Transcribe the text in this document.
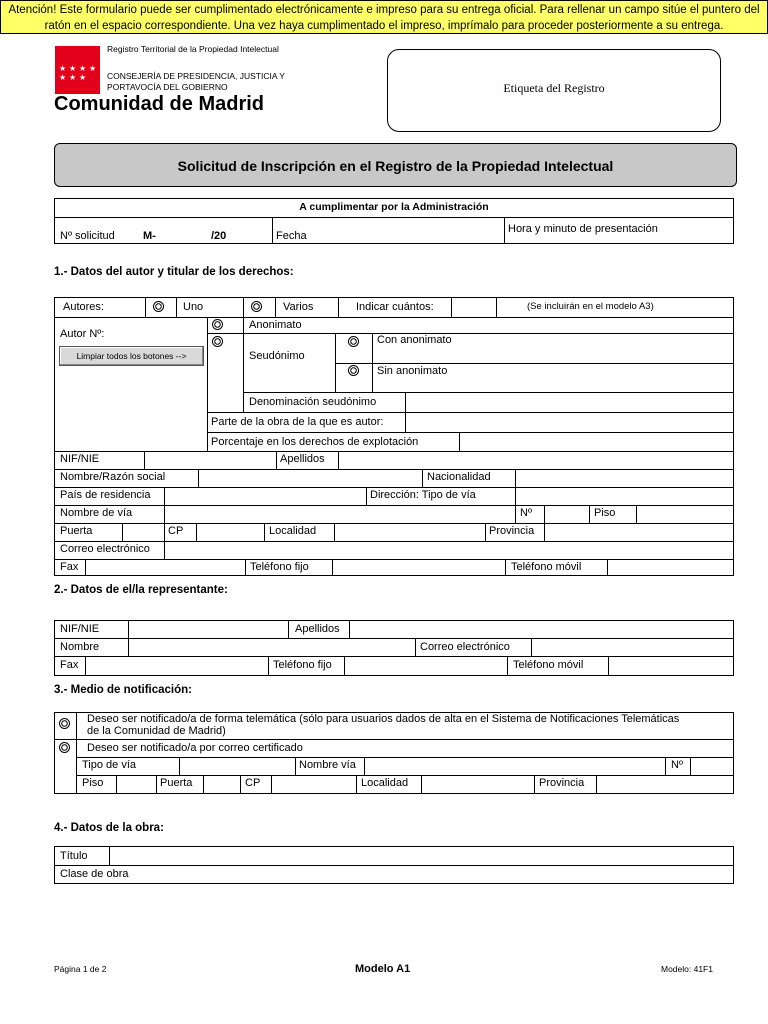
Atención! Este formulario puede ser cumplimentado electrónicamente e impreso para su entrega oficial. Para rellenar un campo sitúe el puntero del
ratón en el espacio correspondiente. Una vez haya cumplimentado el impreso, imprímalo para proceder posteriormente a su entrega.
★ ★ ★ ★
★ ★ ★
Registro Territorial de la Propiedad Intelectual
CONSEJERÍA DE PRESIDENCIA, JUSTICIA Y
PORTAVOCÍA DEL GOBIERNO
Comunidad de Madrid
Etiqueta del Registro
Solicitud de Inscripción en el Registro de la Propiedad Intelectual
A cumplimentar por la Administración
Nº solicitud	M-	/20	Fecha
Hora y minuto de presentación
1.- Datos del autor y titular de los derechos:
Autores:	Uno	Varios	Indicar cuántos:	(Se incluirán en el modelo A3)
Autor Nº:
Limpiar todos los botones -->
Anonimato
Seudónimo
Con anonimato
Sin anonimato
Denominación seudónimo
Parte de la obra de la que es autor:
Porcentaje en los derechos de explotación
NIF/NIE	Apellidos
Nombre/Razón social	Nacionalidad
País de residencia	Dirección: Tipo de vía
Nombre de vía	Nº	Piso
Puerta	CP	Localidad	Provincia
Correo electrónico
Fax	Teléfono fijo	Teléfono móvil
2.- Datos de el/la representante:
NIF/NIE	Apellidos
Nombre	Correo electrónico
Fax	Teléfono fijo	Teléfono móvil
3.- Medio de notificación:
Deseo ser notificado/a de forma telemática (sólo para usuarios dados de alta en el Sistema de Notificaciones Telemáticas
de la Comunidad de Madrid)
Deseo ser notificado/a por correo certificado
Tipo de vía	Nombre vía	Nº
Piso	Puerta	CP	Localidad	Provincia
4.- Datos de la obra:
Título
Clase de obra
Página 1 de 2	Modelo A1	Modelo: 41F1
